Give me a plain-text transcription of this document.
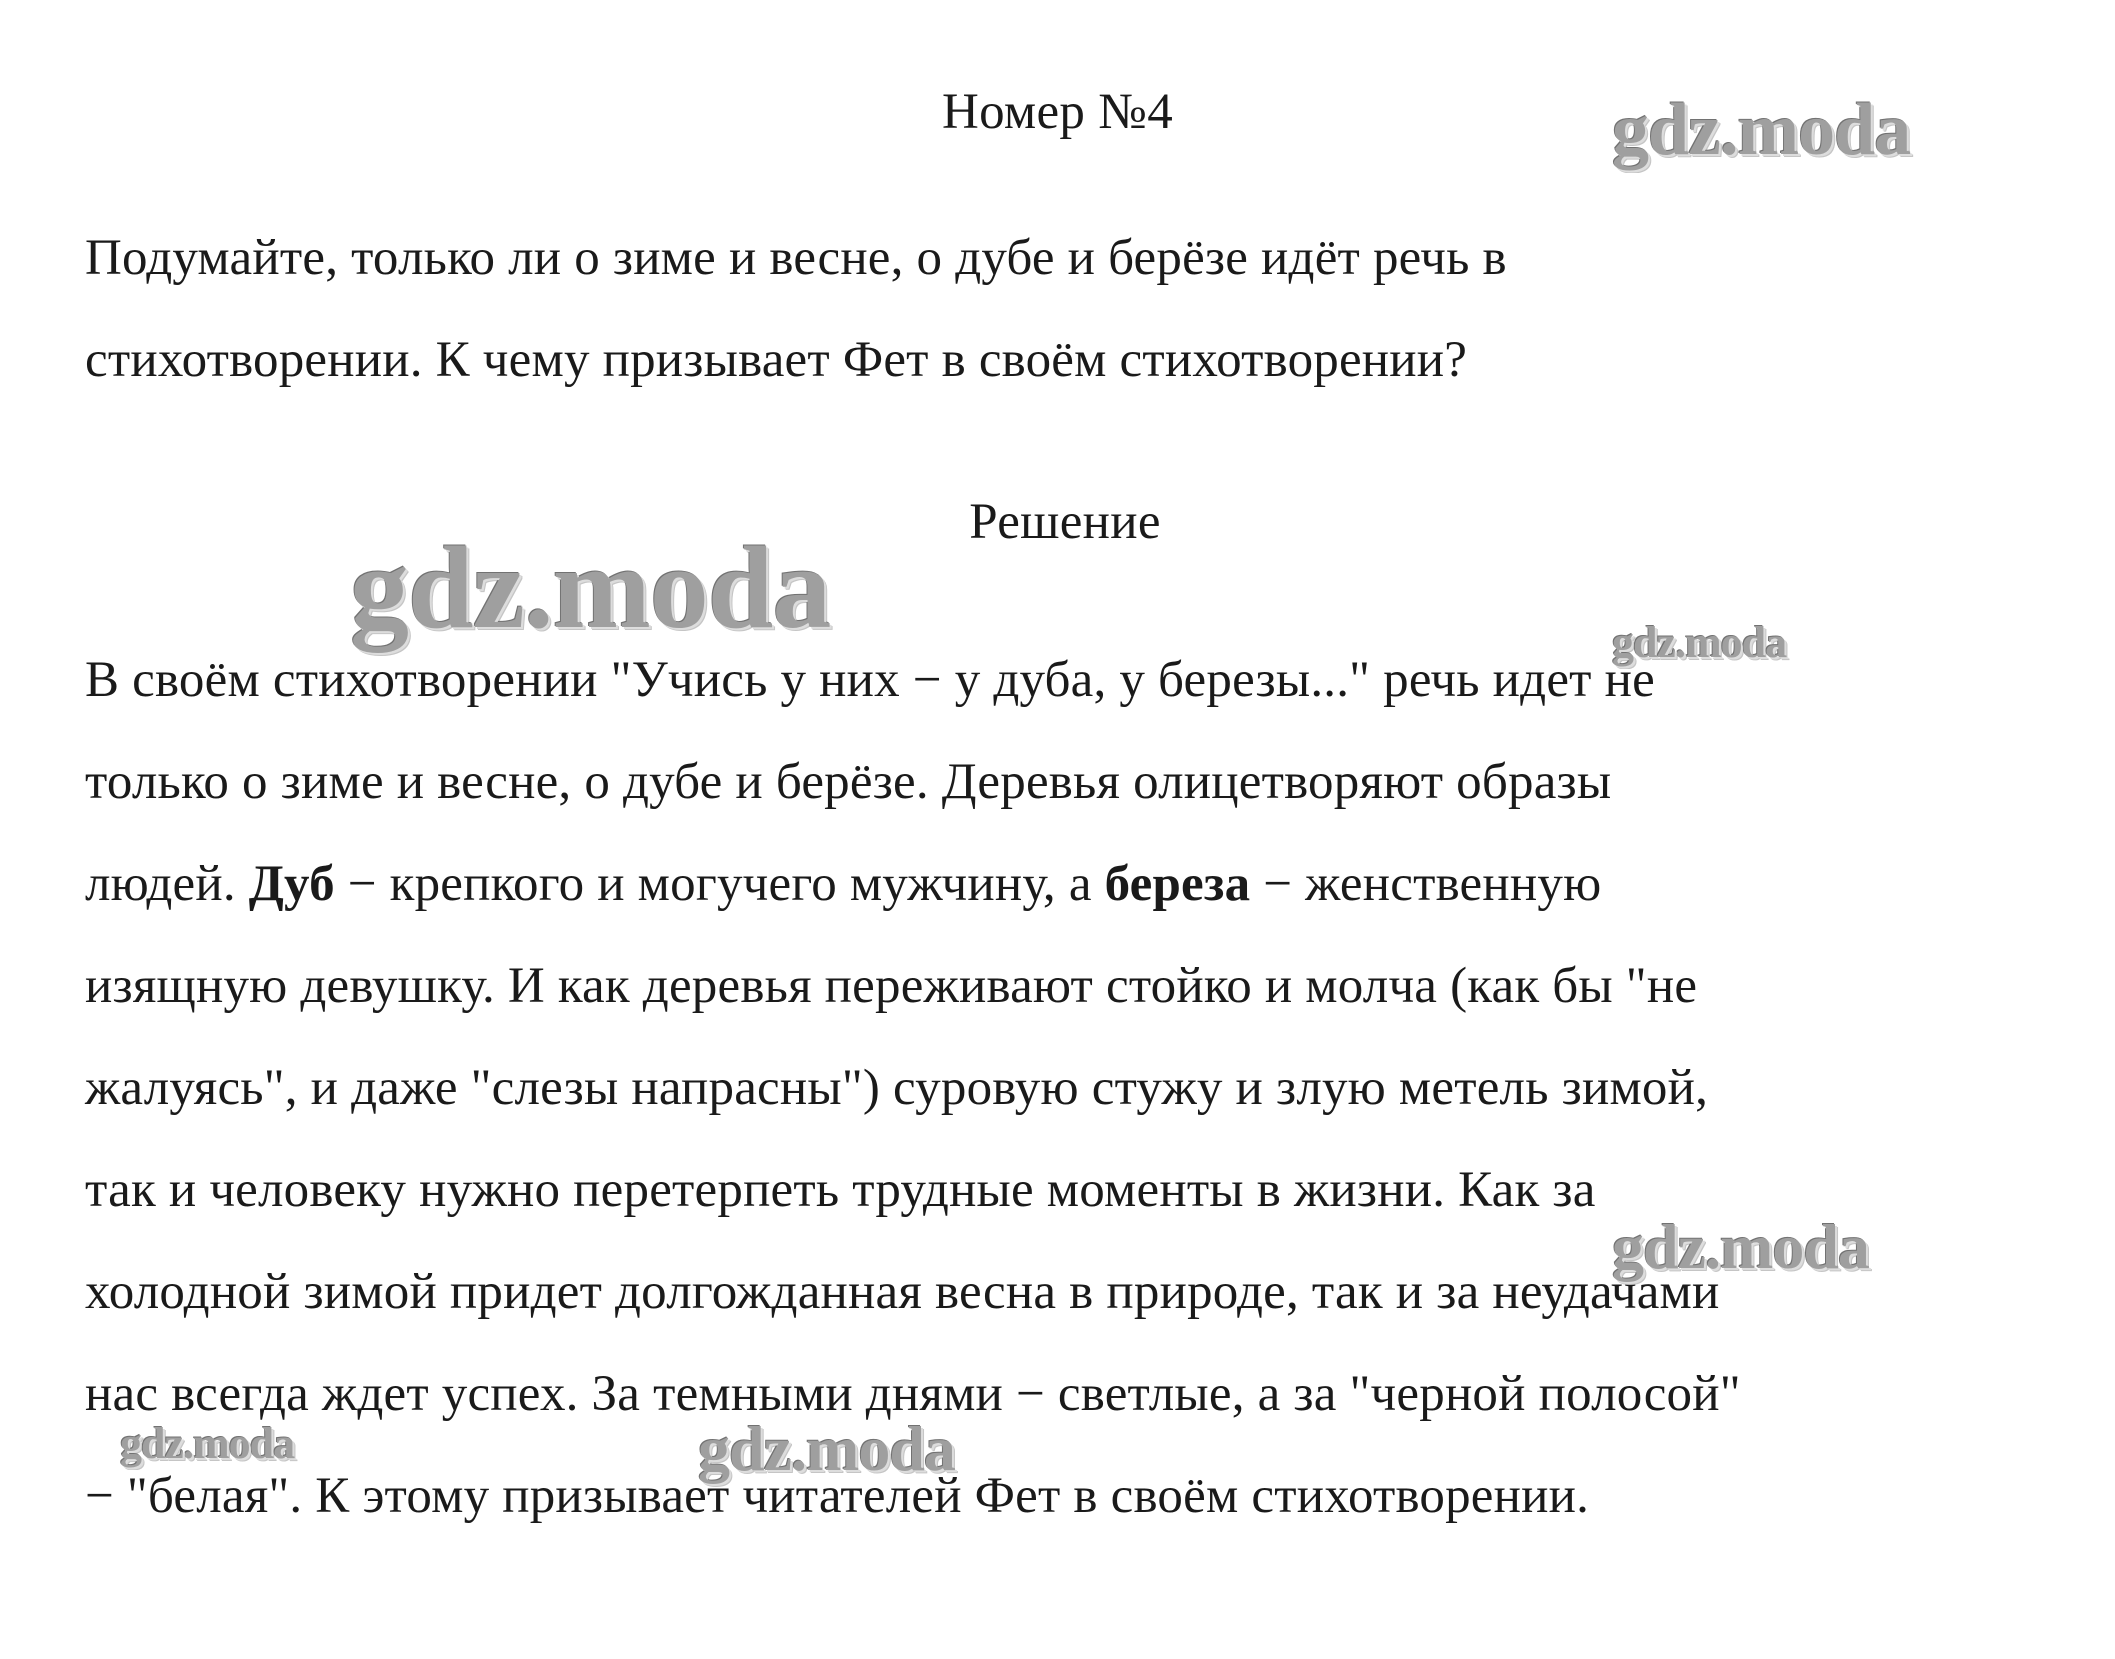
Номер №4
Подумайте, только ли о зиме и весне, о дубе и берёзе идёт речь в
стихотворении. К чему призывает Фет в своём стихотворении?
Решение
В своём стихотворении "Учись у них − у дуба, у березы..." речь идет не
только о зиме и весне, о дубе и берёзе. Деревья олицетворяют образы
людей. Дуб − крепкого и могучего мужчину, а береза − женственную
изящную девушку. И как деревья переживают стойко и молча (как бы "не
жалуясь", и даже "слезы напрасны") суровую стужу и злую метель зимой,
так и человеку нужно перетерпеть трудные моменты в жизни. Как за
холодной зимой придет долгожданная весна в природе, так и за неудачами
нас всегда ждет успех. За темными днями − светлые, а за "черной полосой"
− "белая". К этому призывает читателей Фет в своём стихотворении.
gdz.moda
gdz.moda	gdz.moda
gdz.moda
gdz.moda	gdz.moda
